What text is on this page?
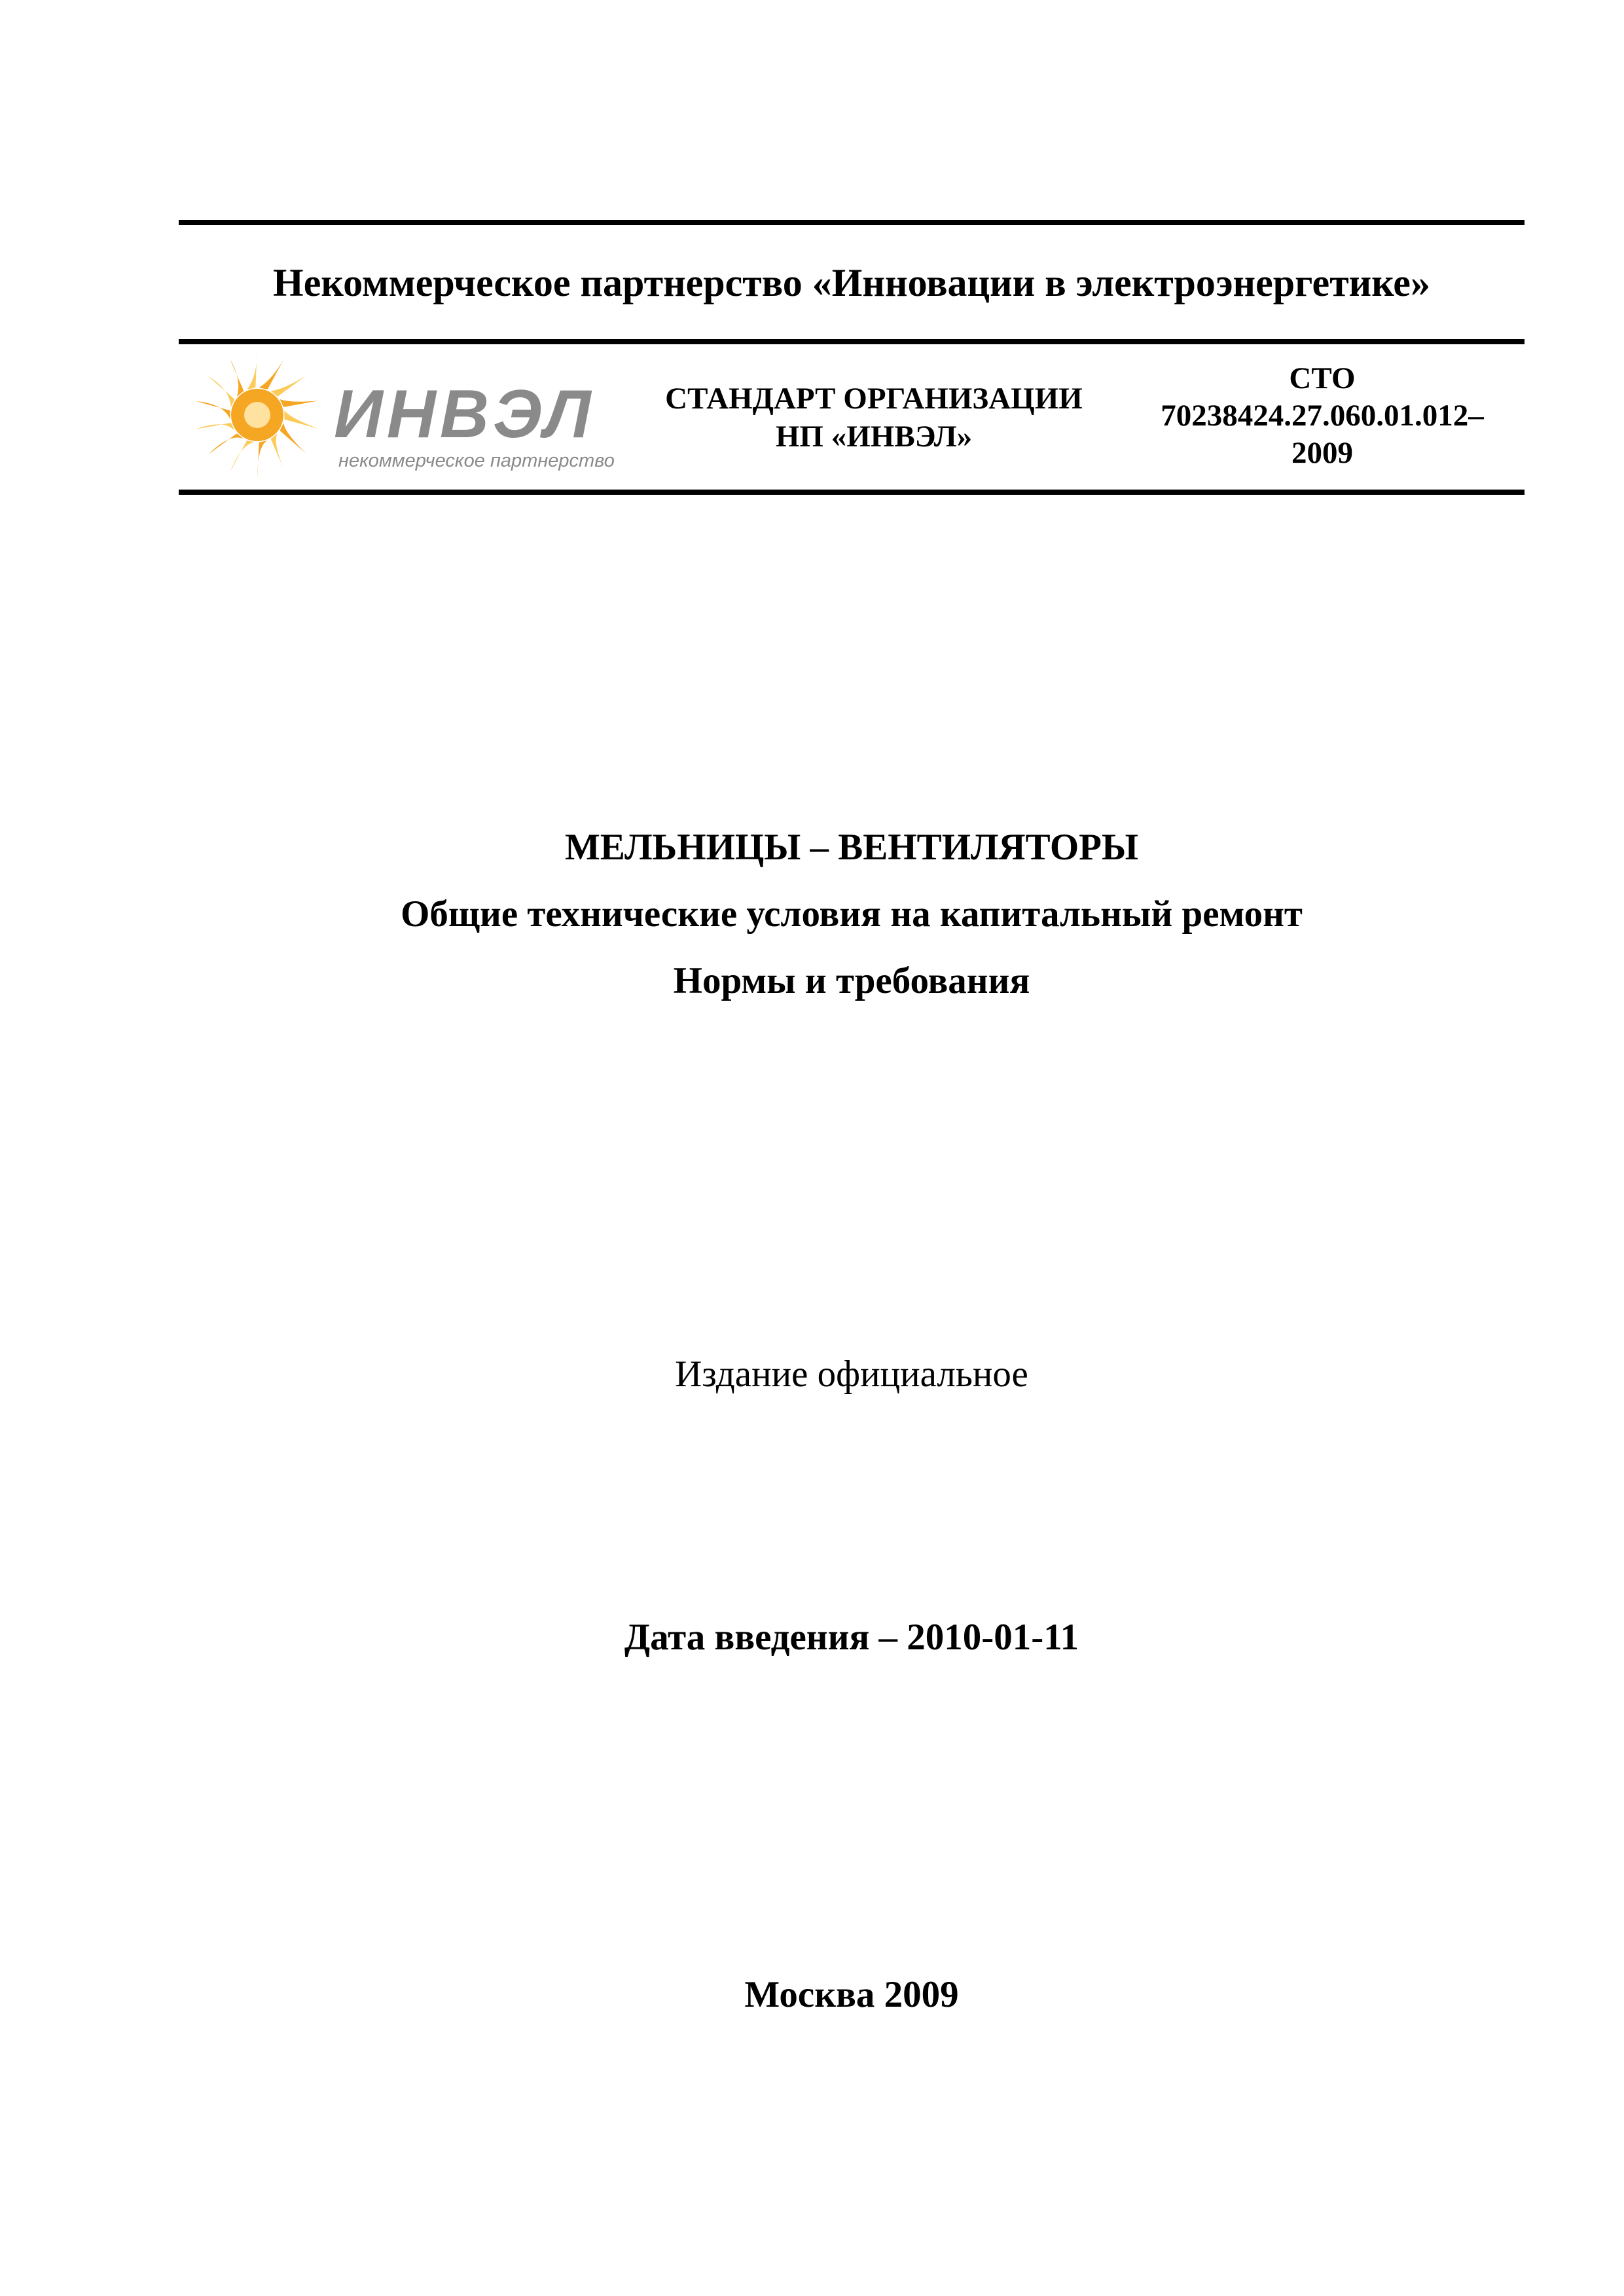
Некоммерческое партнерство «Инновации в электроэнергетике»
ИНВЭЛ
некоммерческое партнерство
СТАНДАРТ ОРГАНИЗАЦИИ
НП «ИНВЭЛ»
СТО
70238424.27.060.01.012–
2009
МЕЛЬНИЦЫ – ВЕНТИЛЯТОРЫ
Общие технические условия на капитальный ремонт
Нормы и требования
Издание официальное
Дата введения – 2010-01-11
Москва 2009
